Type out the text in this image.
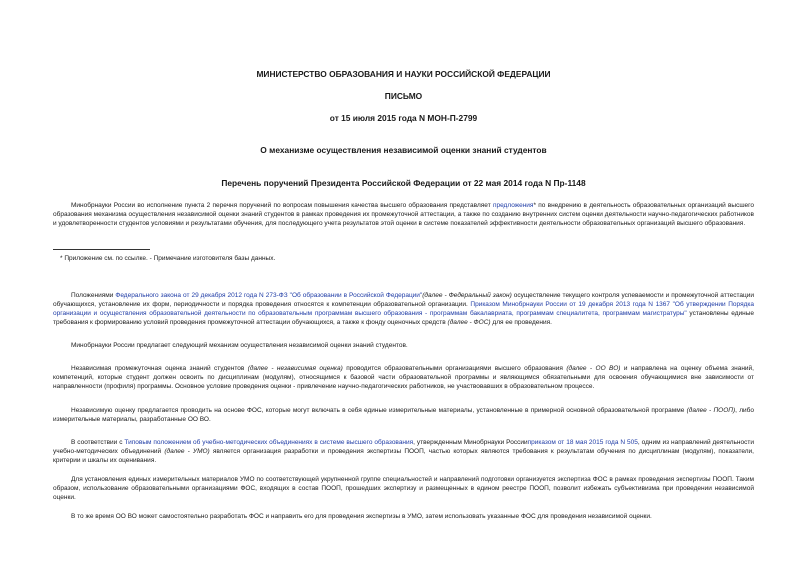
МИНИСТЕРСТВО ОБРАЗОВАНИЯ И НАУКИ РОССИЙСКОЙ ФЕДЕРАЦИИ
ПИСЬМО
от 15 июля 2015 года N МОН-П-2799
О механизме осуществления независимой оценки знаний студентов
Перечень поручений Президента Российской Федерации от 22 мая 2014 года N Пр-1148
Минобрнауки России во исполнение пункта 2 перечня поручений по вопросам повышения качества высшего образования представляет предложения* по внедрению в деятельность образовательных организаций высшего образования механизма осуществления независимой оценки знаний студентов в рамках проведения их промежуточной аттестации, а также по созданию внутренних систем оценки деятельности научно-педагогических работников и удовлетворенности студентов условиями и результатами обучения, для последующего учета результатов этой оценки в системе показателей эффективности деятельности образовательных организаций высшего образования.
* Приложение см. по ссылке. - Примечание изготовителя базы данных.
Положениями Федерального закона от 29 декабря 2012 года N 273-ФЗ "Об образовании в Российской Федерации"(далее - Федеральный закон) осуществление текущего контроля успеваемости и промежуточной аттестации обучающихся, установление их форм, периодичности и порядка проведения относятся к компетенции образовательной организации. Приказом Минобрнауки России от 19 декабря 2013 года N 1367 "Об утверждении Порядка организации и осуществления образовательной деятельности по образовательным программам высшего образования - программам бакалавриата, программам специалитета, программам магистратуры" установлены единые требования к формированию условий проведения промежуточной аттестации обучающихся, а также к фонду оценочных средств (далее - ФОС) для ее проведения.
Минобрнауки России предлагает следующий механизм осуществления независимой оценки знаний студентов.
Независимая промежуточная оценка знаний студентов (далее - независимая оценка) проводится образовательными организациями высшего образования (далее - ОО ВО) и направлена на оценку объема знаний, компетенций, которые студент должен освоить по дисциплинам (модулям), относящимся к базовой части образовательной программы и являющимся обязательными для освоения обучающимися вне зависимости от направленности (профиля) программы. Основное условие проведения оценки - привлечение научно-педагогических работников, не участвовавших в образовательном процессе.
Независимую оценку предлагается проводить на основе ФОС, которые могут включать в себя единые измерительные материалы, установленные в примерной основной образовательной программе (далее - ПООП), либо измерительные материалы, разработанные ОО ВО.
В соответствии с Типовым положением об учебно-методических объединениях в системе высшего образования, утвержденным Минобрнауки Россииприказом от 18 мая 2015 года N 505, одним из направлений деятельности учебно-методических объединений (далее - УМО) является организация разработки и проведения экспертизы ПООП, частью которых являются требования к результатам обучения по дисциплинам (модулям), показатели, критерии и шкалы их оценивания.
Для установления единых измерительных материалов УМО по соответствующей укрупненной группе специальностей и направлений подготовки организуется экспертиза ФОС в рамках проведения экспертизы ПООП. Таким образом, использование образовательными организациями ФОС, входящих в состав ПООП, прошедших экспертизу и размещенных в едином реестре ПООП, позволит избежать субъективизма при проведении независимой оценки.
В то же время ОО ВО может самостоятельно разработать ФОС и направить его для проведения экспертизы в УМО, затем использовать указанные ФОС для проведения независимой оценки.
